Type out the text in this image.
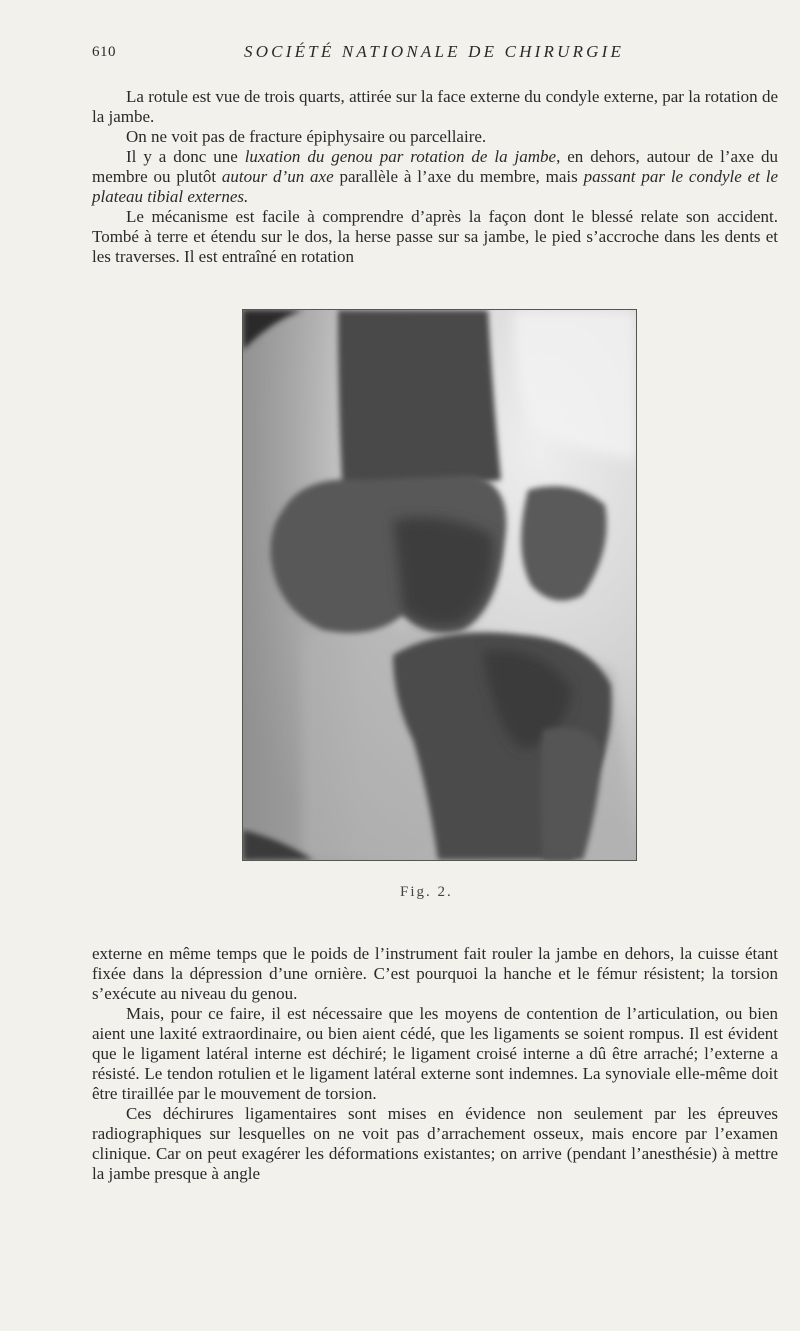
610	SOCIÉTÉ NATIONALE DE CHIRURGIE

La rotule est vue de trois quarts, attirée sur la face externe du condyle externe, par la rotation de la jambe.

On ne voit pas de fracture épiphysaire ou parcellaire.

Il y a donc une luxation du genou par rotation de la jambe, en dehors, autour de l’axe du membre ou plutôt autour d’un axe parallèle à l’axe du membre, mais passant par le condyle et le plateau tibial externes.

Le mécanisme est facile à comprendre d’après la façon dont le blessé relate son accident. Tombé à terre et étendu sur le dos, la herse passe sur sa jambe, le pied s’accroche dans les dents et les traverses. Il est entraîné en rotation

Fig. 2.

externe en même temps que le poids de l’instrument fait rouler la jambe en dehors, la cuisse étant fixée dans la dépression d’une ornière. C’est pourquoi la hanche et le fémur résistent; la torsion s’exécute au niveau du genou.

Mais, pour ce faire, il est nécessaire que les moyens de contention de l’articulation, ou bien aient une laxité extraordinaire, ou bien aient cédé, que les ligaments se soient rompus. Il est évident que le ligament latéral interne est déchiré; le ligament croisé interne a dû être arraché; l’externe a résisté. Le tendon rotulien et le ligament latéral externe sont indemnes. La synoviale elle-même doit être tiraillée par le mouvement de torsion.

Ces déchirures ligamentaires sont mises en évidence non seulement par les épreuves radiographiques sur lesquelles on ne voit pas d’arrachement osseux, mais encore par l’examen clinique. Car on peut exagérer les déformations existantes; on arrive (pendant l’anesthésie) à mettre la jambe presque à angle
